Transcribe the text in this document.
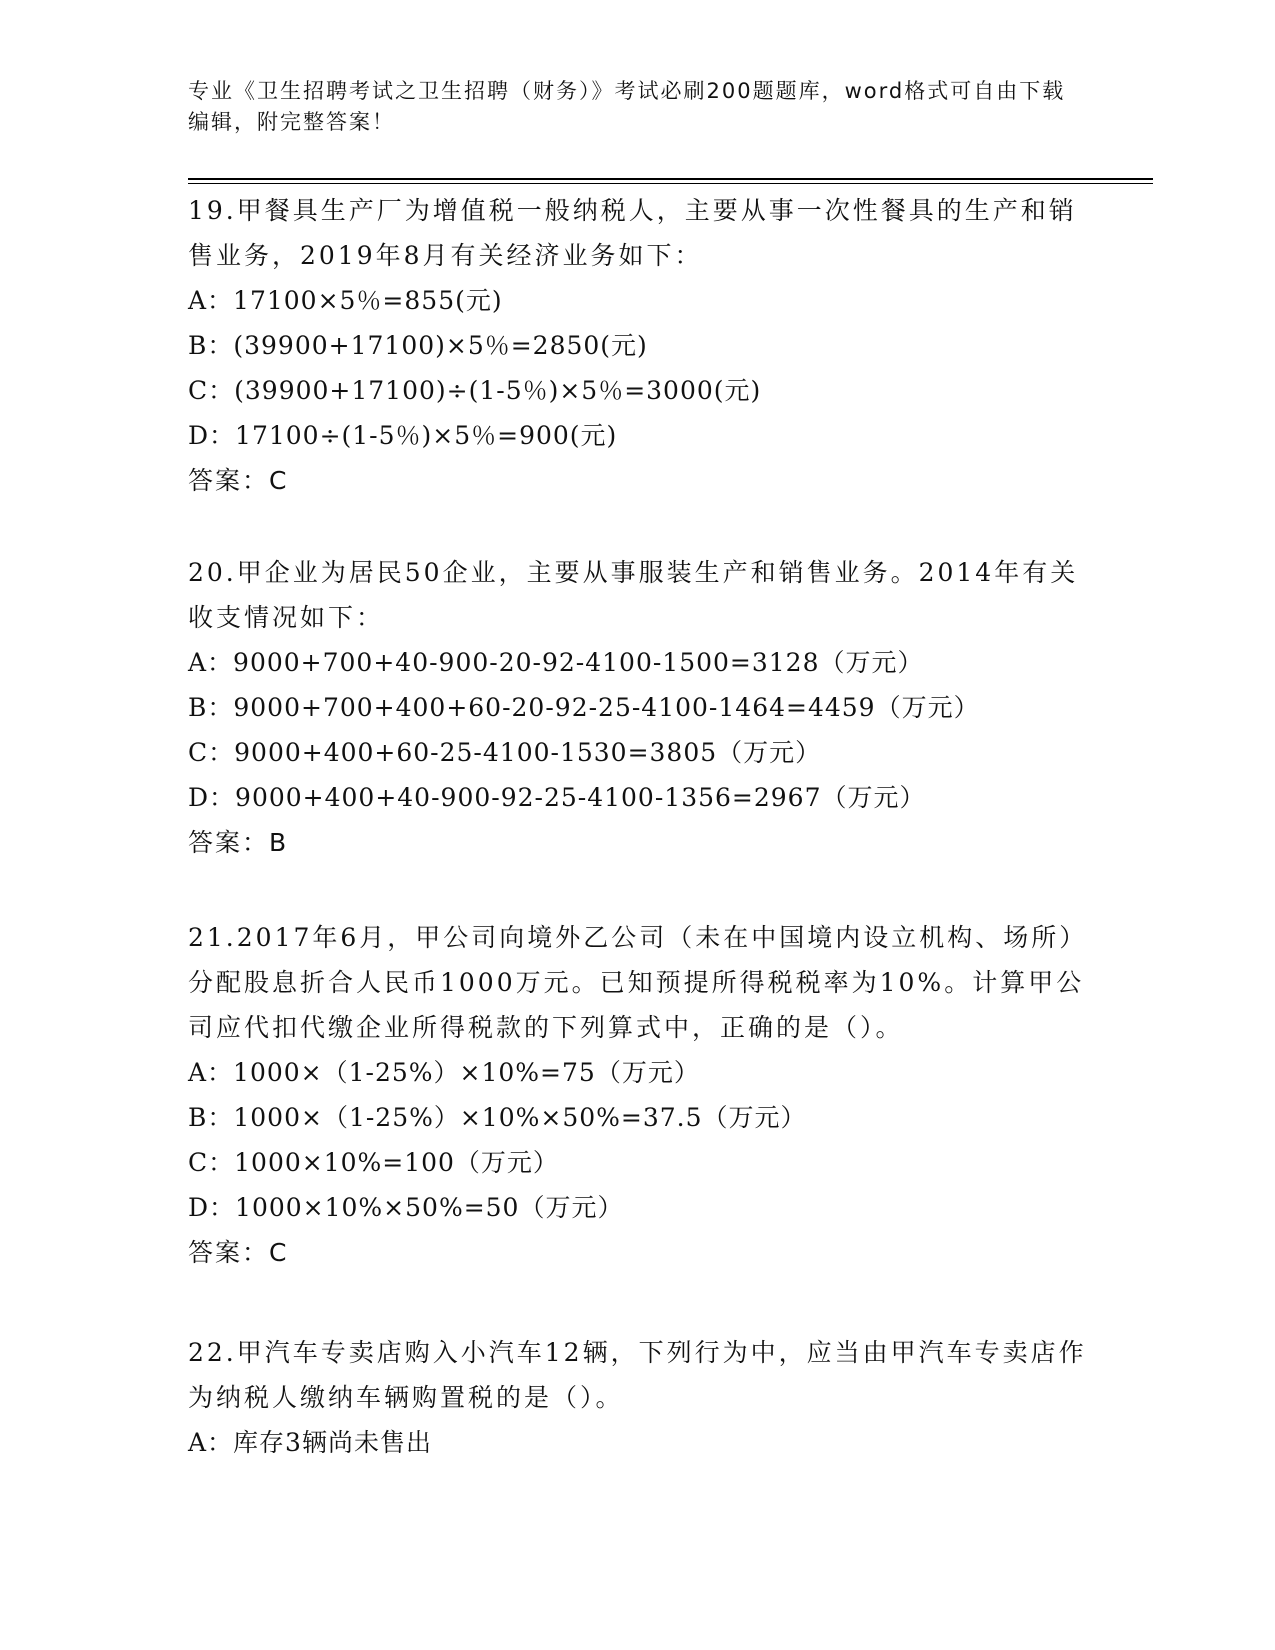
专业《卫生招聘考试之卫生招聘（财务）》考试必刷200题题库，word格式可自由下载编辑，附完整答案！

19.甲餐具生产厂为增值税一般纳税人，主要从事一次性餐具的生产和销售业务，2019年8月有关经济业务如下：

A：17100×5％=855(元)

B：(39900+17100)×5％=2850(元)

C：(39900+17100)÷(1-5％)×5％=3000(元)

D：17100÷(1-5％)×5％=900(元)

答案：C

20.甲企业为居民50企业，主要从事服装生产和销售业务。2014年有关收支情况如下：

A：9000+700+40-900-20-92-4100-1500=3128（万元）

B：9000+700+400+60-20-92-25-4100-1464=4459（万元）

C：9000+400+60-25-4100-1530=3805（万元）

D：9000+400+40-900-92-25-4100-1356=2967（万元）

答案：B

21.2017年6月，甲公司向境外乙公司（未在中国境内设立机构、场所）分配股息折合人民币1000万元。已知预提所得税税率为10%。计算甲公司应代扣代缴企业所得税款的下列算式中，正确的是（）。

A：1000×（1-25%）×10%=75（万元）

B：1000×（1-25%）×10%×50%=37.5（万元）

C：1000×10%=100（万元）

D：1000×10%×50%=50（万元）

答案：C

22.甲汽车专卖店购入小汽车12辆，下列行为中，应当由甲汽车专卖店作为纳税人缴纳车辆购置税的是（）。

A：库存3辆尚未售出
